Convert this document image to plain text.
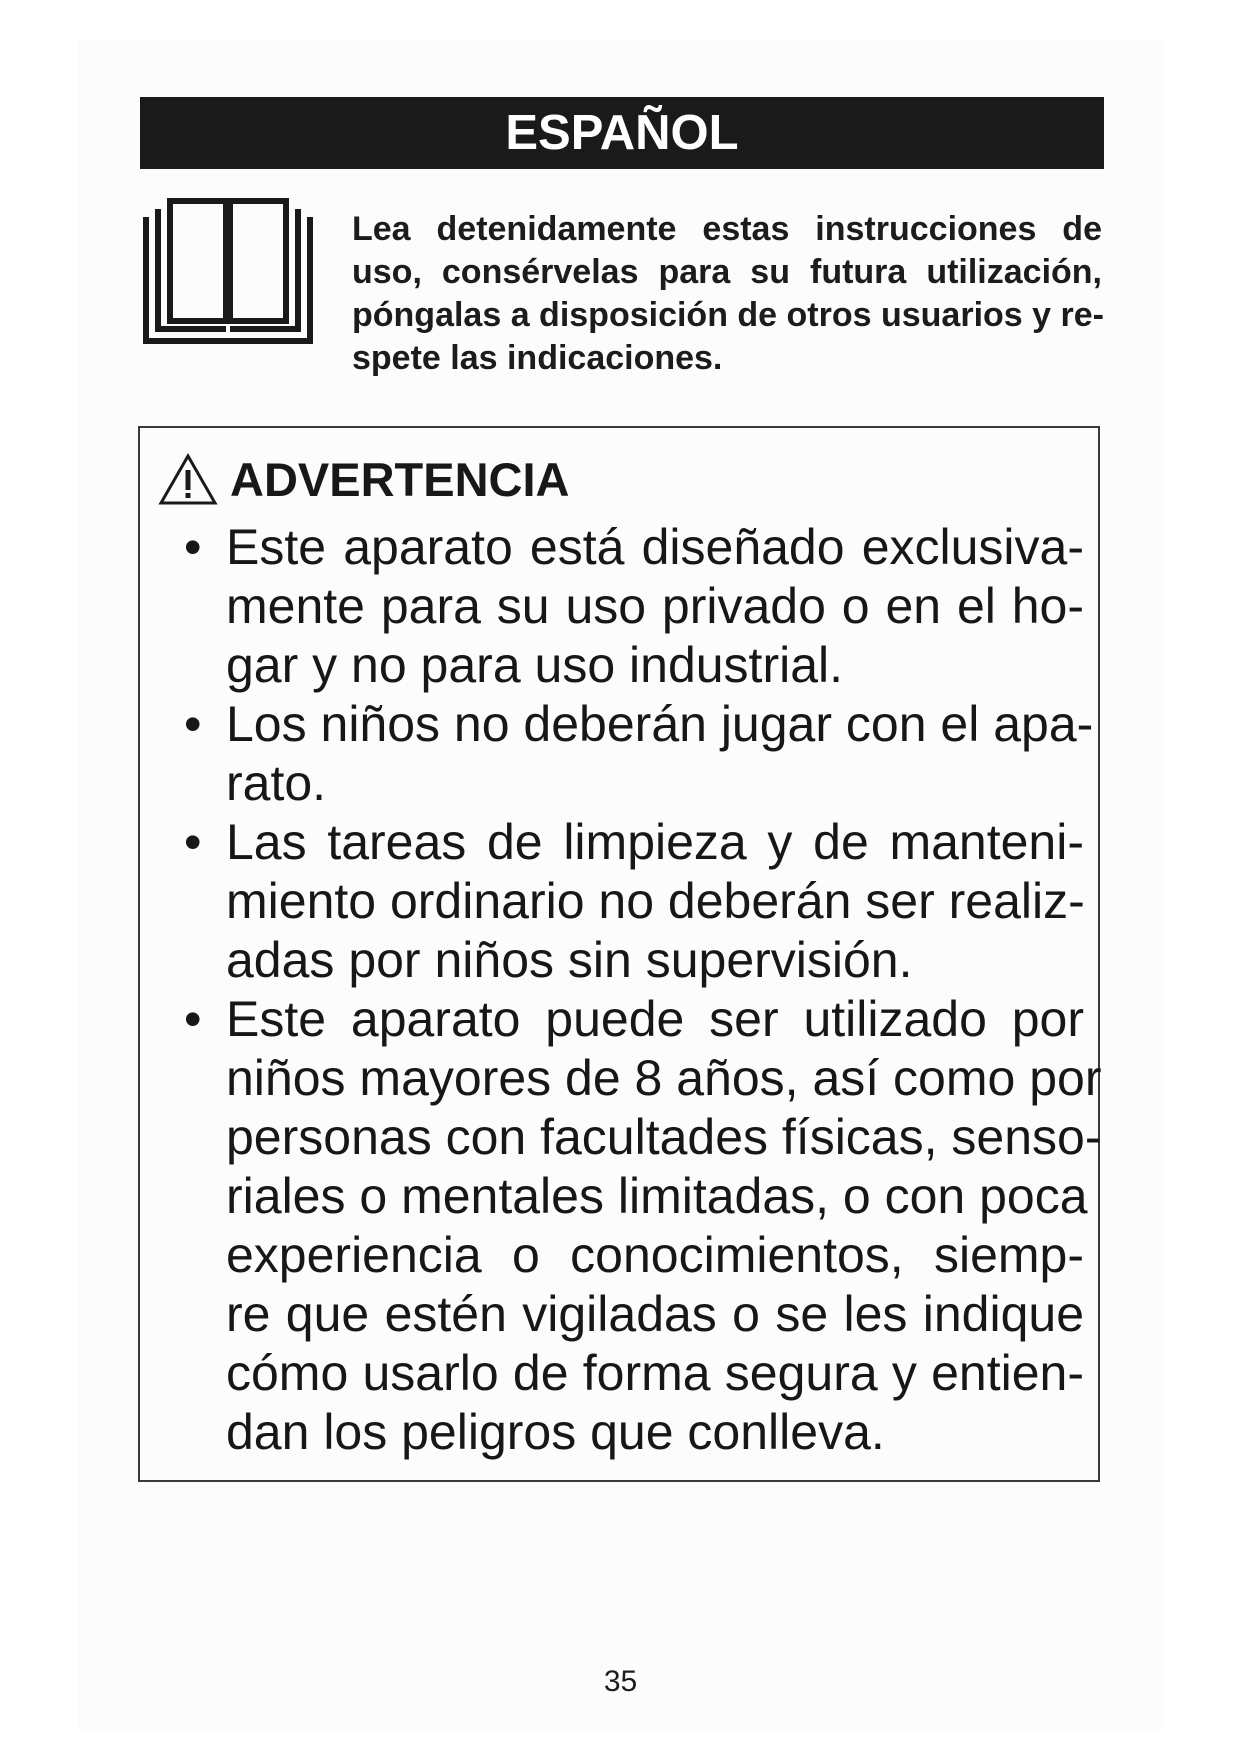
ESPAÑOL
Lea detenidamente estas instrucciones de
uso, consérvelas para su futura utilización,
póngalas a disposición de otros usuarios y re-
spete las indicaciones.
ADVERTENCIA
• Este aparato está diseñado exclusiva-
mente para su uso privado o en el ho-
gar y no para uso industrial.
• Los niños no deberán jugar con el apa-
rato.
• Las tareas de limpieza y de manteni-
miento ordinario no deberán ser realiz-
adas por niños sin supervisión.
• Este aparato puede ser utilizado por
niños mayores de 8 años, así como por
personas con facultades físicas, senso-
riales o mentales limitadas, o con poca
experiencia o conocimientos, siemp-
re que estén vigiladas o se les indique
cómo usarlo de forma segura y entien-
dan los peligros que conlleva.
35
